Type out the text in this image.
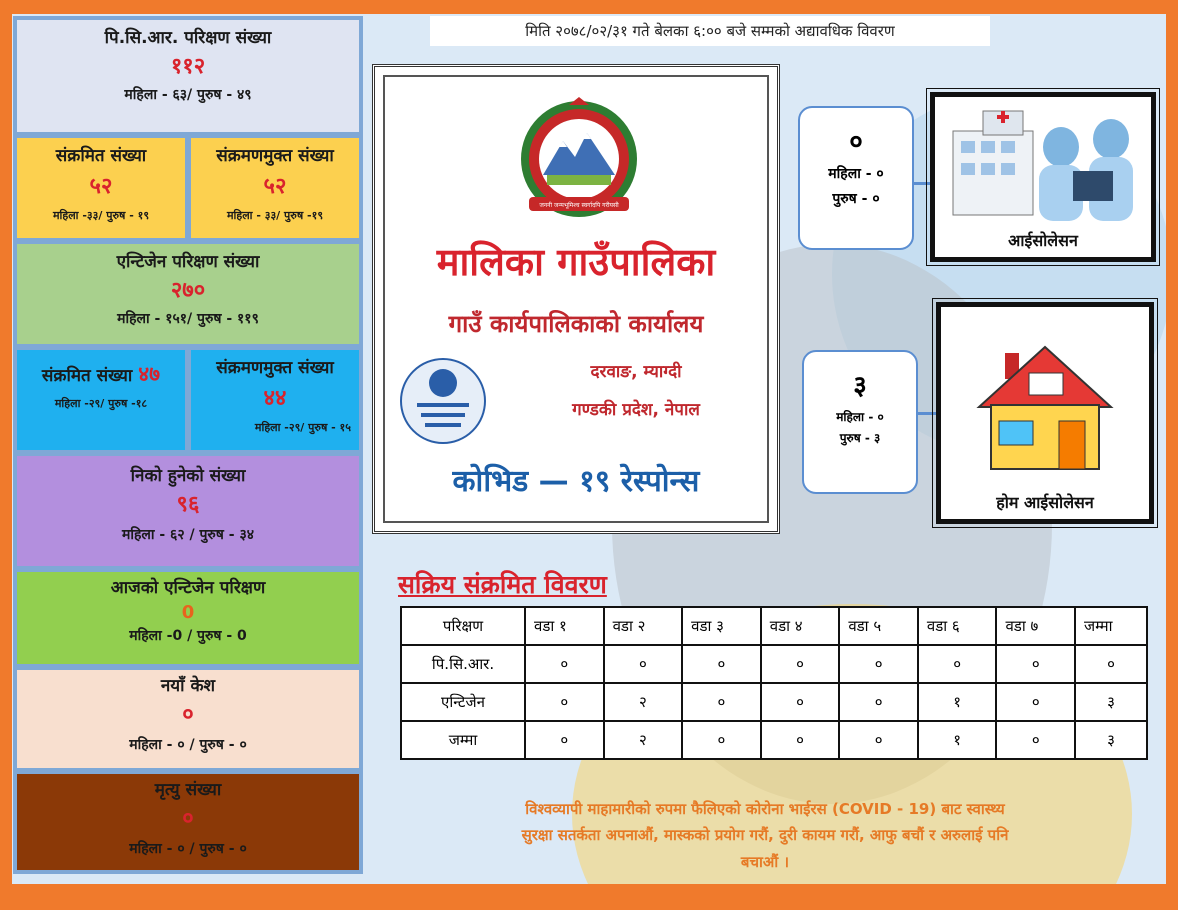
पि.सि.आर. परिक्षण संख्या
११२
महिला - ६३/ पुरुष - ४९
संक्रमित संख्या
५२
महिला -३३/ पुरुष - १९
संक्रमणमुक्त संख्या
५२
महिला - ३३/ पुरुष -१९
एन्टिजेन परिक्षण संख्या
२७०
महिला - १५१/ पुरुष - ११९
संक्रमित संख्या ४७
महिला -२९/ पुरुष -१८
संक्रमणमुक्त संख्या
४४
महिला -२९/ पुरुष - १५
निको हुनेको संख्या
९६
महिला - ६२ / पुरुष - ३४
आजको एन्टिजेन परिक्षण
0
महिला -0 / पुरुष - 0
नयाँ केश
०
महिला - ० / पुरुष - ०
मृत्यु संख्या
०
महिला - ० / पुरुष - ०
मिति २०७८/०२/३१ गते बेलका ६:०० बजे सम्मको अद्यावधिक विवरण
जननी जन्मभूमिश्च स्वर्गादपि गरीयसी
मालिका गाउँपालिका
गाउँ कार्यपालिकाको कार्यालय
दरवाङ, म्याग्दी
गण्डकी प्रदेश, नेपाल
कोभिड — १९ रेस्पोन्स
०
महिला - ०
पुरुष - ०
आईसोलेसन
३
महिला - ०
पुरुष - ३
होम आईसोलेसन
सक्रिय संक्रमित विवरण
परिक्षण	वडा १	वडा २	वडा ३	वडा ४	वडा ५	वडा ६	वडा ७	जम्मा
पि.सि.आर.	०	०	०	०	०	०	०	०
एन्टिजेन	०	२	०	०	०	१	०	३
जम्मा	०	२	०	०	०	१	०	३
विश्वव्यापी माहामारीको रुपमा फैलिएको कोरोना भाईरस (COVID - 19) बाट स्वास्थ्य
सुरक्षा सतर्कता अपनाऔं, मास्कको प्रयोग गरौं, दुरी कायम गरौं, आफु बचौं र अरुलाई पनि
बचाऔं ।
